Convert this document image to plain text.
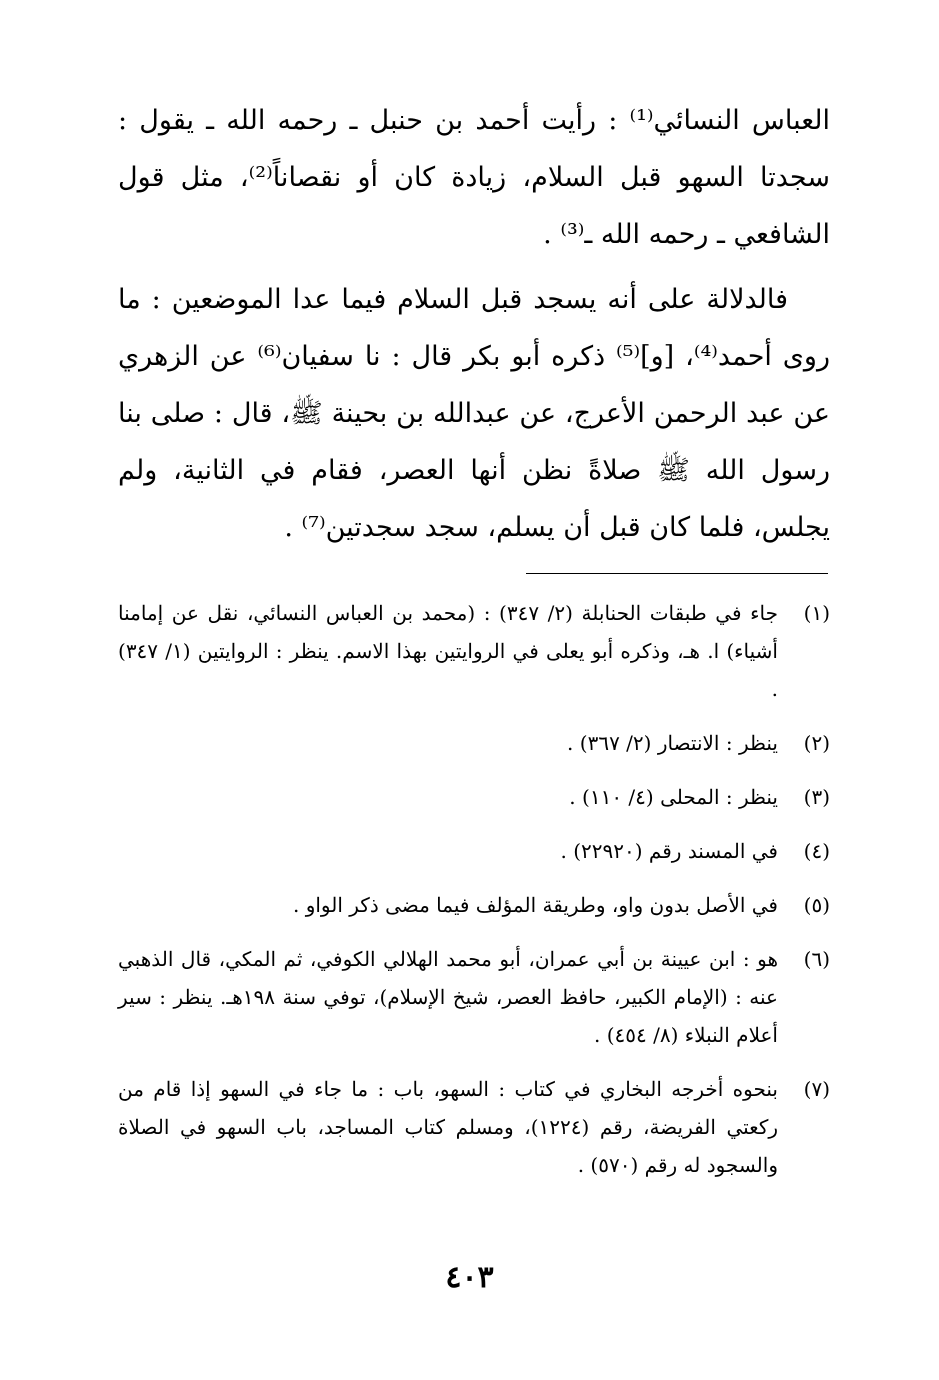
العباس النسائي⁽¹⁾ : رأيت أحمد بن حنبل ـ رحمه الله ـ يقول : سجدتا السهو قبل السلام، زيادة كان أو نقصاناً⁽²⁾، مثل قول الشافعي ـ رحمه الله ـ⁽³⁾ .

فالدلالة على أنه يسجد قبل السلام فيما عدا الموضعين : ما روى أحمد⁽⁴⁾، [و]⁽⁵⁾ ذكره أبو بكر قال : نا سفيان⁽⁶⁾ عن الزهري عن عبد الرحمن الأعرج، عن عبدالله بن بحينة ﷺ، قال : صلى بنا رسول الله ﷺ صلاةً نظن أنها العصر، فقام في الثانية، ولم يجلس، فلما كان قبل أن يسلم، سجد سجدتين⁽⁷⁾ .

(١)
جاء في طبقات الحنابلة (٢/ ٣٤٧) : (محمد بن العباس النسائي، نقل عن إمامنا أشياء) ا. هـ، وذكره أبو يعلى في الروايتين بهذا الاسم. ينظر : الروايتين (١/ ٣٤٧) .
(٢)
ينظر : الانتصار (٢/ ٣٦٧) .
(٣)
ينظر : المحلى (٤/ ١١٠) .
(٤)
في المسند رقم (٢٢٩٢٠) .
(٥)
في الأصل بدون واو، وطريقة المؤلف فيما مضى ذكر الواو .
(٦)
هو : ابن عيينة بن أبي عمران، أبو محمد الهلالي الكوفي، ثم المكي، قال الذهبي عنه : (الإمام الكبير، حافظ العصر، شيخ الإسلام)، توفي سنة ١٩٨هـ. ينظر : سير أعلام النبلاء (٨/ ٤٥٤) .
(٧)
بنحوه أخرجه البخاري في كتاب : السهو، باب : ما جاء في السهو إذا قام من ركعتي الفريضة، رقم (١٢٢٤)، ومسلم كتاب المساجد، باب السهو في الصلاة والسجود له رقم (٥٧٠) .
٤٠٣
